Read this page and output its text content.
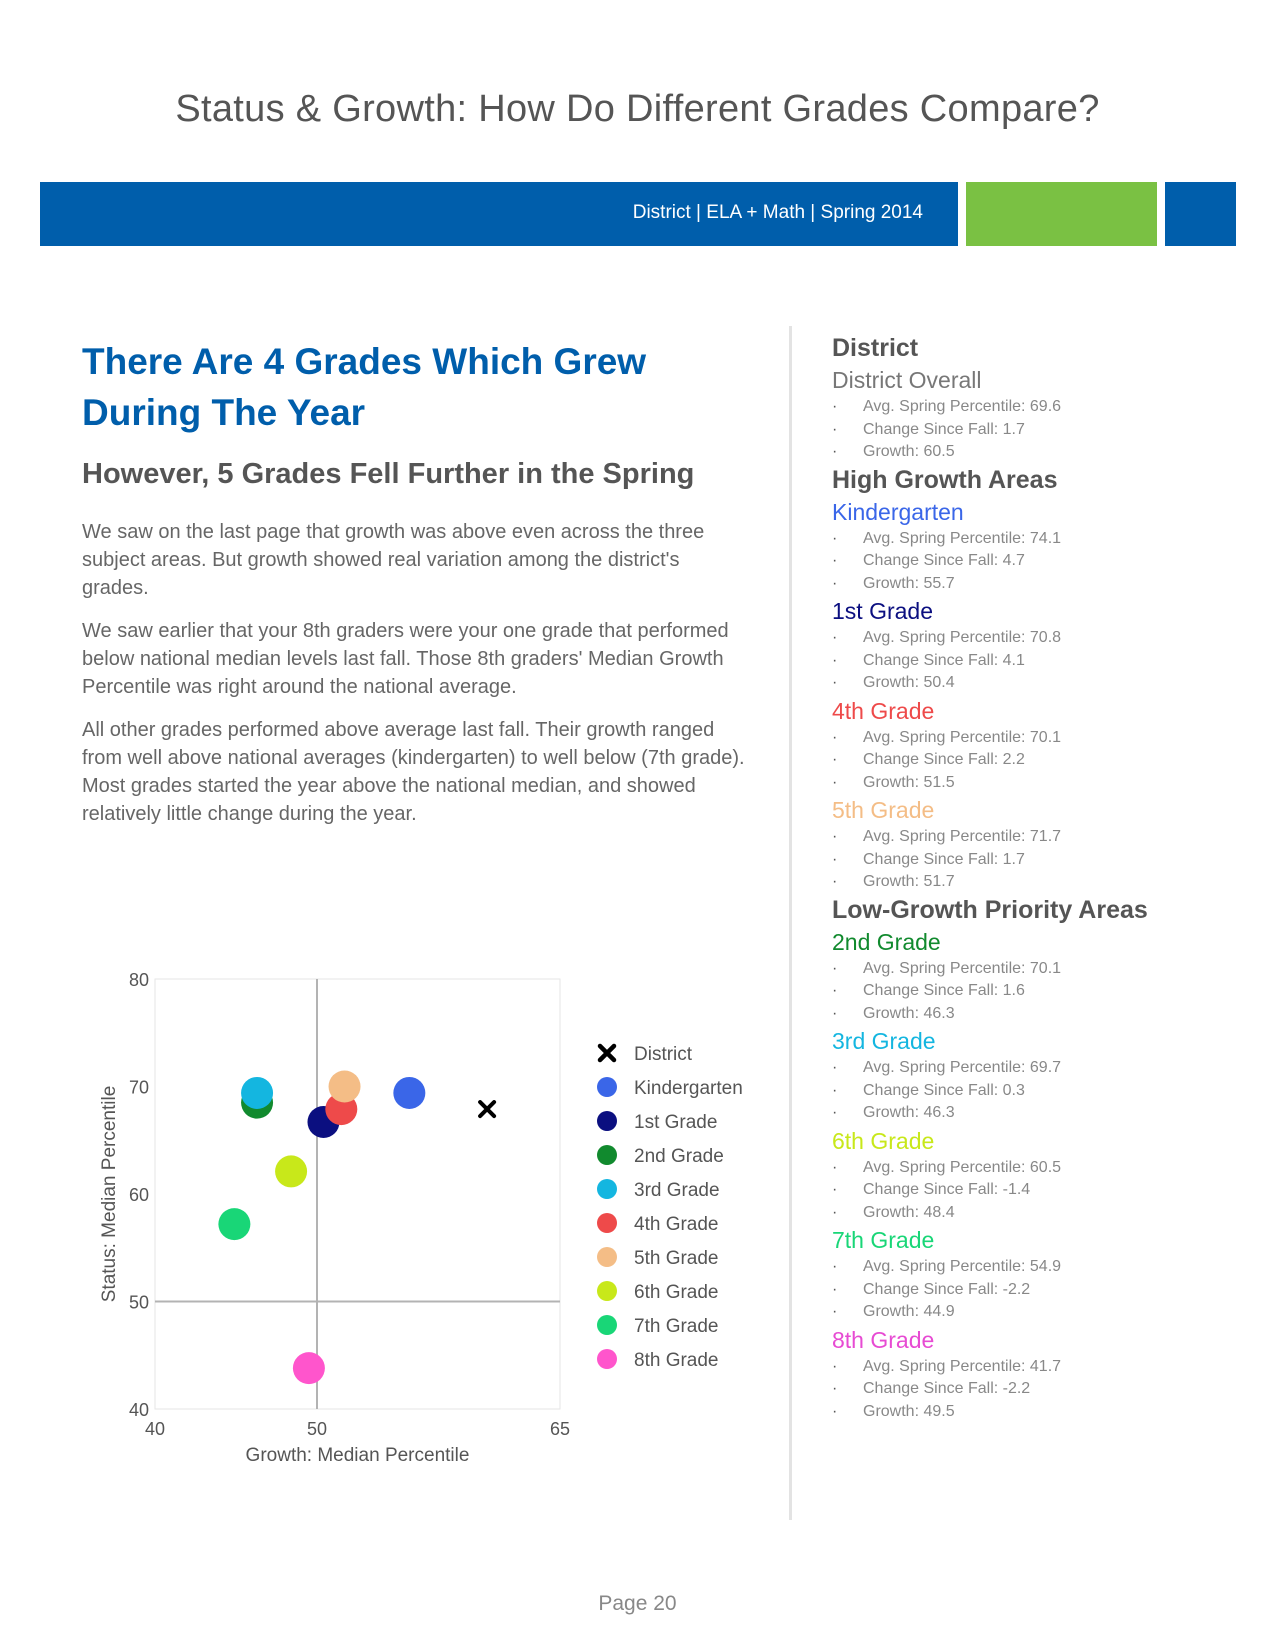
Status & Growth: How Do Different Grades Compare?
District | ELA + Math | Spring 2014
There Are 4 Grades Which Grew During The Year
However, 5 Grades Fell Further in the Spring

We saw on the last page that growth was above even across the three subject areas. But growth showed real variation among the district's grades.

We saw earlier that your 8th graders were your one grade that performed below national median levels last fall. Those 8th graders' Median Growth Percentile was right around the national average.

All other grades performed above average last fall. Their growth ranged from well above national averages (kindergarten) to well below (7th grade). Most grades started the year above the national median, and showed relatively little change during the year.

District
District Overall
· Avg. Spring Percentile: 69.6
· Change Since Fall: 1.7
· Growth: 60.5
High Growth Areas
Kindergarten
· Avg. Spring Percentile: 74.1
· Change Since Fall: 4.7
· Growth: 55.7
1st Grade
· Avg. Spring Percentile: 70.8
· Change Since Fall: 4.1
· Growth: 50.4
4th Grade
· Avg. Spring Percentile: 70.1
· Change Since Fall: 2.2
· Growth: 51.5
5th Grade
· Avg. Spring Percentile: 71.7
· Change Since Fall: 1.7
· Growth: 51.7
Low-Growth Priority Areas
2nd Grade
· Avg. Spring Percentile: 70.1
· Change Since Fall: 1.6
· Growth: 46.3
3rd Grade
· Avg. Spring Percentile: 69.7
· Change Since Fall: 0.3
· Growth: 46.3
6th Grade
· Avg. Spring Percentile: 60.5
· Change Since Fall: -1.4
· Growth: 48.4
7th Grade
· Avg. Spring Percentile: 54.9
· Change Since Fall: -2.2
· Growth: 44.9
8th Grade
· Avg. Spring Percentile: 41.7
· Change Since Fall: -2.2
· Growth: 49.5
40
50
60
70
80
40	50	65
Growth: Median Percentile
Status: Median Percentile
District
Kindergarten
1st Grade
2nd Grade
3rd Grade
4th Grade
5th Grade
6th Grade
7th Grade
8th Grade
Page 20
